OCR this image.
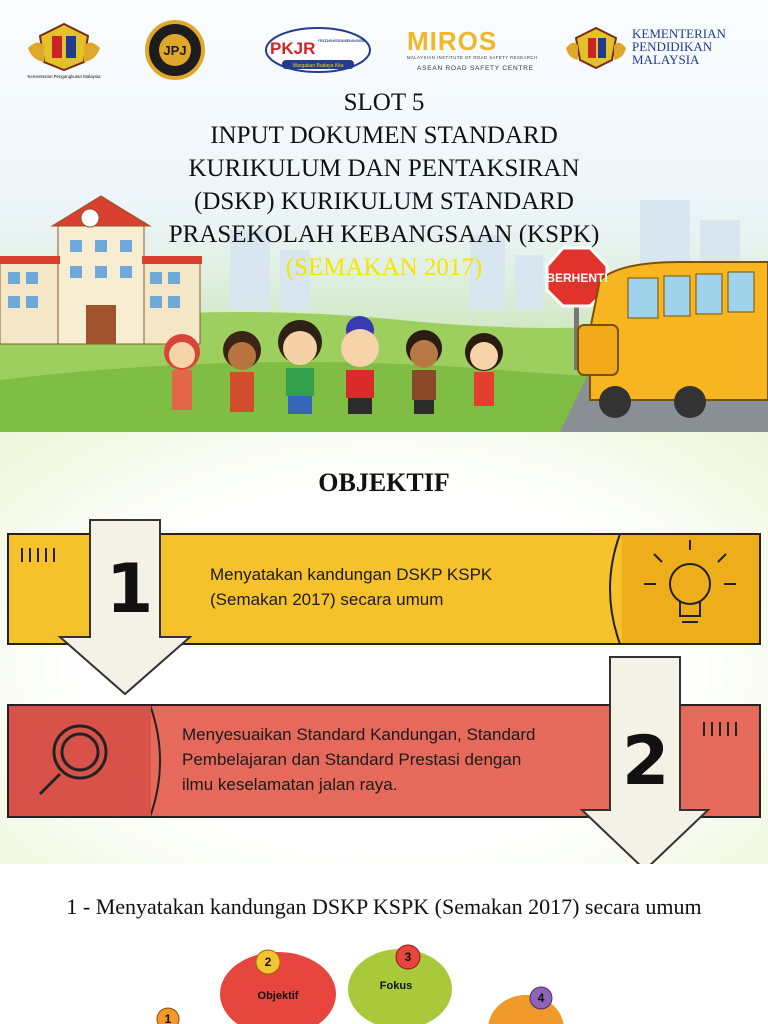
Kementerian Pengangkutan Malaysia
JPJ	PKJR PENDIDIKAN KESELAMATAN JALAN RAYA
Wargakan Budaya Kita
MIROS
MALAYSIAN INSTITUTE OF ROAD SAFETY RESEARCH
ASEAN ROAD SAFETY CENTRE
KEMENTERIAN
PENDIDIKAN
MALAYSIA
SLOT 5
INPUT DOKUMEN STANDARD
KURIKULUM DAN PENTAKSIRAN
(DSKP) KURIKULUM STANDARD
PRASEKOLAH KEBANGSAAN (KSPK)
(SEMAKAN 2017)	BERHENTI
OBJEKTIF
1	Menyatakan kandungan DSKP KSPK
(Semakan 2017) secara umum
2
Menyesuaikan Standard Kandungan, Standard
Pembelajaran dan Standard Prestasi dengan
ilmu keselamatan jalan raya.
1 - Menyatakan kandungan DSKP KSPK (Semakan 2017) secara umum
2
Objektif
3
Fokus
4
1
